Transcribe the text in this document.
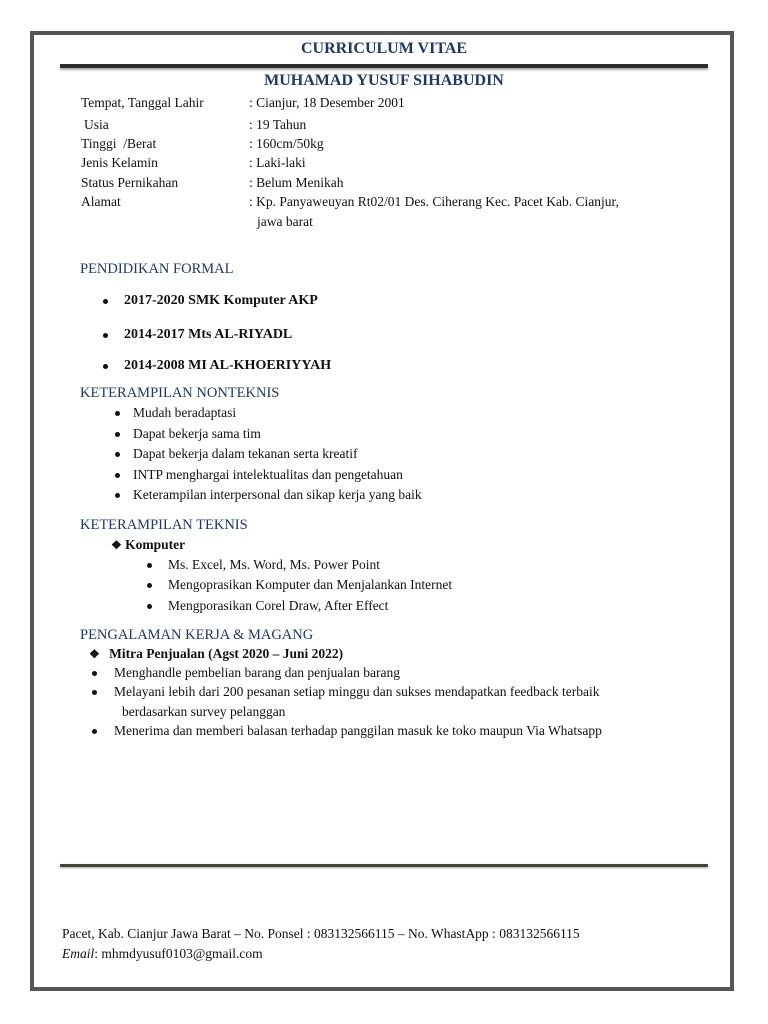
CURRICULUM VITAE
MUHAMAD YUSUF SIHABUDIN
Tempat, Tanggal Lahir	: Cianjur, 18 Desember 2001
Usia	: 19 Tahun
Tinggi  /Berat	: 160cm/50kg
Jenis Kelamin	: Laki-laki
Status Pernikahan	: Belum Menikah
Alamat	: Kp. Panyaweuyan Rt02/01 Des. Ciherang Kec. Pacet Kab. Cianjur,
jawa barat
PENDIDIKAN FORMAL
2017-2020 SMK Komputer AKP
2014-2017 Mts AL-RIYADL
2014-2008 MI AL-KHOERIYYAH
KETERAMPILAN NONTEKNIS
Mudah beradaptasi
Dapat bekerja sama tim
Dapat bekerja dalam tekanan serta kreatif
INTP menghargai intelektualitas dan pengetahuan
Keterampilan interpersonal dan sikap kerja yang baik
KETERAMPILAN TEKNIS
❖ Komputer
Ms. Excel, Ms. Word, Ms. Power Point
Mengoprasikan Komputer dan Menjalankan Internet
Mengporasikan Corel Draw, After Effect
PENGALAMAN KERJA & MAGANG
❖ Mitra Penjualan (Agst 2020 – Juni 2022)
Menghandle pembelian barang dan penjualan barang
Melayani lebih dari 200 pesanan setiap minggu dan sukses mendapatkan feedback terbaik
berdasarkan survey pelanggan
Menerima dan memberi balasan terhadap panggilan masuk ke toko maupun Via Whatsapp
Pacet, Kab. Cianjur Jawa Barat – No. Ponsel : 083132566115 – No. WhastApp : 083132566115
Email: mhmdyusuf0103@gmail.com
